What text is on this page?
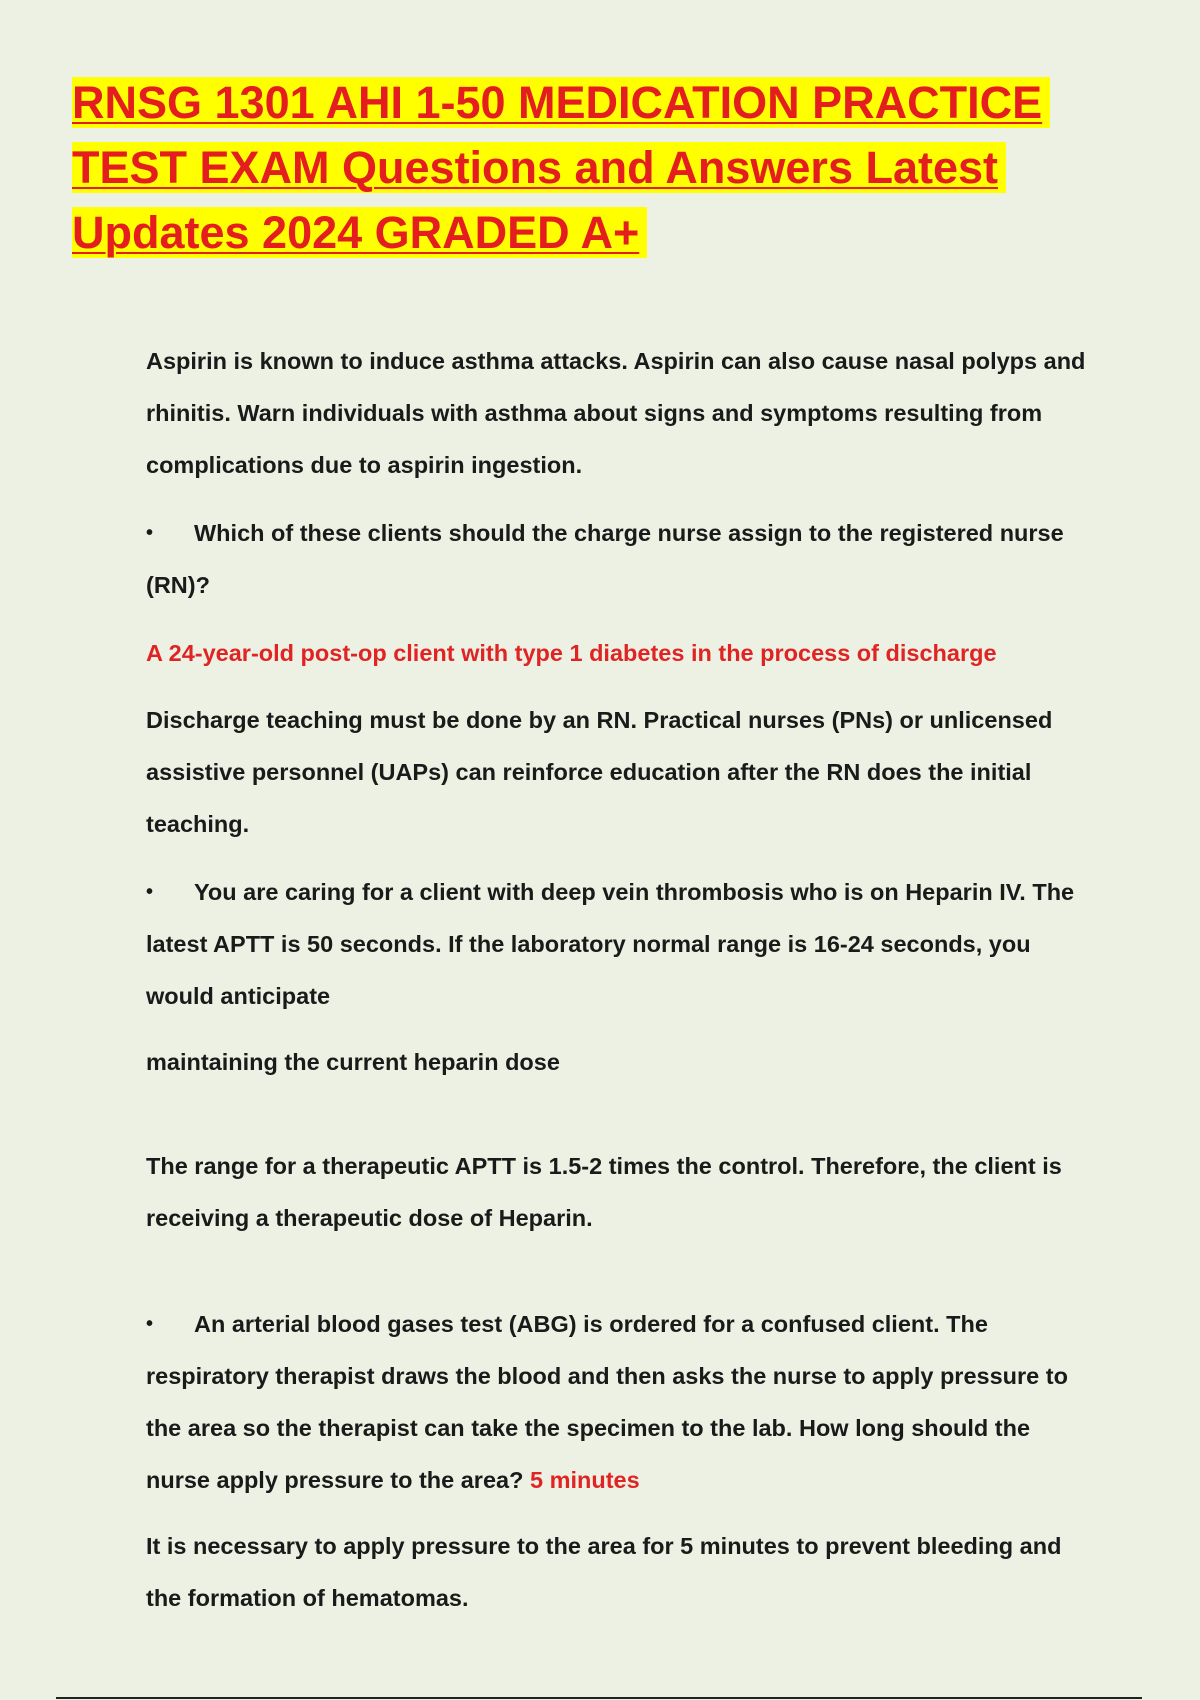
RNSG 1301 AHI 1-50 MEDICATION PRACTICE
TEST EXAM Questions and Answers Latest
Updates 2024 GRADED A+

Aspirin is known to induce asthma attacks. Aspirin can also cause nasal polyps and rhinitis. Warn individuals with asthma about signs and symptoms resulting from complications due to aspirin ingestion.

• Which of these clients should the charge nurse assign to the registered nurse (RN)?

A 24-year-old post-op client with type 1 diabetes in the process of discharge

Discharge teaching must be done by an RN. Practical nurses (PNs) or unlicensed assistive personnel (UAPs) can reinforce education after the RN does the initial teaching.

• You are caring for a client with deep vein thrombosis who is on Heparin IV. The latest APTT is 50 seconds. If the laboratory normal range is 16-24 seconds, you would anticipate

maintaining the current heparin dose

The range for a therapeutic APTT is 1.5-2 times the control. Therefore, the client is receiving a therapeutic dose of Heparin.

• An arterial blood gases test (ABG) is ordered for a confused client. The respiratory therapist draws the blood and then asks the nurse to apply pressure to the area so the therapist can take the specimen to the lab. How long should the nurse apply pressure to the area? 5 minutes

It is necessary to apply pressure to the area for 5 minutes to prevent bleeding and the formation of hematomas.
